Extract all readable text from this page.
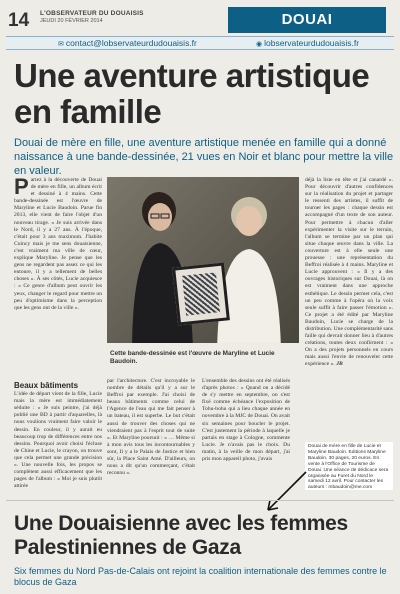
14 L'OBSERVATEUR DU DOUAISIS
JEUDI 20 FÉVRIER 2014	DOUAI
✉ contact@lobservateurdudouaisis.fr	◉ lobservateurdudouaisis.fr
Une aventure artistique en famille
Douai de mère en fille, une aventure artistique menée en famille qui a donné naissance à une bande-dessinée, 21 vues en Noir et blanc pour mettre la ville en valeur.
Partez à la découverte de Douai de mère en fille, un album écrit et dessiné à 4 mains. Cette bande-dessinée est l'œuvre de Maryline et Lucie Baudoin. Parue fin 2013, elle vient de faire l'objet d'un nouveau tirage. « Je suis arrivée dans le Nord, il y a 27 ans. À l'époque, c'était pour 3 ans maximum. J'habite Cuincy mais je me sens douaisienne, c'est vraiment ma ville de cœur, explique Maryline. Je pense que les gens ne regardent pas assez ce qui les entoure, il y a tellement de belles choses ». À ses côtés, Lucie acquiesce : « Ce genre d'album peut ouvrir les yeux, changer le regard pour mettre un peu d'optimisme dans la perception que les gens ont de la ville ».
Beaux bâtiments
L'idée de départ vient de la fille, Lucie mais la mère est immédiatement séduite : « Je suis peintre, j'ai déjà publié une BD à partir d'aquarelles, là nous voulions vraiment faire valoir le dessin. En couleur, il y aurait eu beaucoup trop de différences entre nos dessins. Pourquoi avoir choisi l'écluse de Chine et Lucie, le crayon, on trouve que cela permet une grande précision ». Une nouvelle fois, les propos se complètent aussi efficacement que les pages de l'album : « Moi je suis plutôt attirée
Cette bande-dessinée est l'œuvre de Maryline et Lucie Baudoin.
par l'architecture. C'est incroyable le nombre de détails qu'il y a sur le Beffroi par exemple. J'ai choisi de beaux bâtiments comme celui de l'Agence de l'eau qui me fait penser à un bateau, il est superbe. Le but c'était aussi de trouver des choses qui ne viendraient pas à l'esprit tout de suite ». Et Maryline poursuit : « … Même si à mon avis tous les incontournables y sont, Il y a le Palais de Justice et bien sûr, la Place Saint Amé. D'ailleurs, on nous a dit qu'un commerçant, c'était reconnu ».
L'ensemble des dessins ont été réalisés d'après photos : « Quand on a décidé de s'y mettre en septembre, on s'est fixé comme échéance l'exposition de Tohu-bohu qui a lieu chaque année en novembre à la MJC de Douai. On avait six semaines pour boucler le projet. C'est justement la période à laquelle je partais en stage à Cologne, commente Lucie. Je n'avais pas le choix. Du matin, à la veille de mon départ, j'ai pris mon appareil photo, j'avais
déjà la liste en tête et j'ai canardé ». Pour découvrir d'autres confidences sur la réalisation du projet et partager le ressenti des artistes, il suffit de tourner les pages : chaque dessin est accompagné d'un texte de son auteur. Pour permettre à chacun d'aller expérimenter la visite sur le terrain, l'album se termine par un plan qui situe chaque œuvre dans la ville. La couverture est à elle seule une prouesse : une représentation du Beffroi réalisée à 4 mains. Maryline et Lucie approuvent : « Il y a des ouvrages historiques sur Douai, là on est vraiment dans une approche esthétique. Le dessin permet cela, c'est un peu comme à l'opéra où la voix seule suffit à faire passer l'émotion ». Ce projet a été édité par Maryline Baudoin, Lucie se charge de la distribution. Une complémentarité sans faille qui devrait donner lieu à d'autres créations, toutes deux confirment : « On a des projets personnels en cours mais aussi l'envie de renouveler cette expérience ». JB
Douai de mère en fille de Lucie et Maryline Baudoin. Editions Maryline Baudoin. 30 pages, 20 euros. En vente à l'Office de Tourisme de Douai. Une séance de dédicace sera organisée au Furet du Nord le samedi 12 avril. Pour contacter les auteurs : mbaudoin@me.com
Une Douaisienne avec les femmes Palestiniennes de Gaza
Six femmes du Nord Pas-de-Calais ont rejoint la coalition internationale des femmes contre le blocus de Gaza
